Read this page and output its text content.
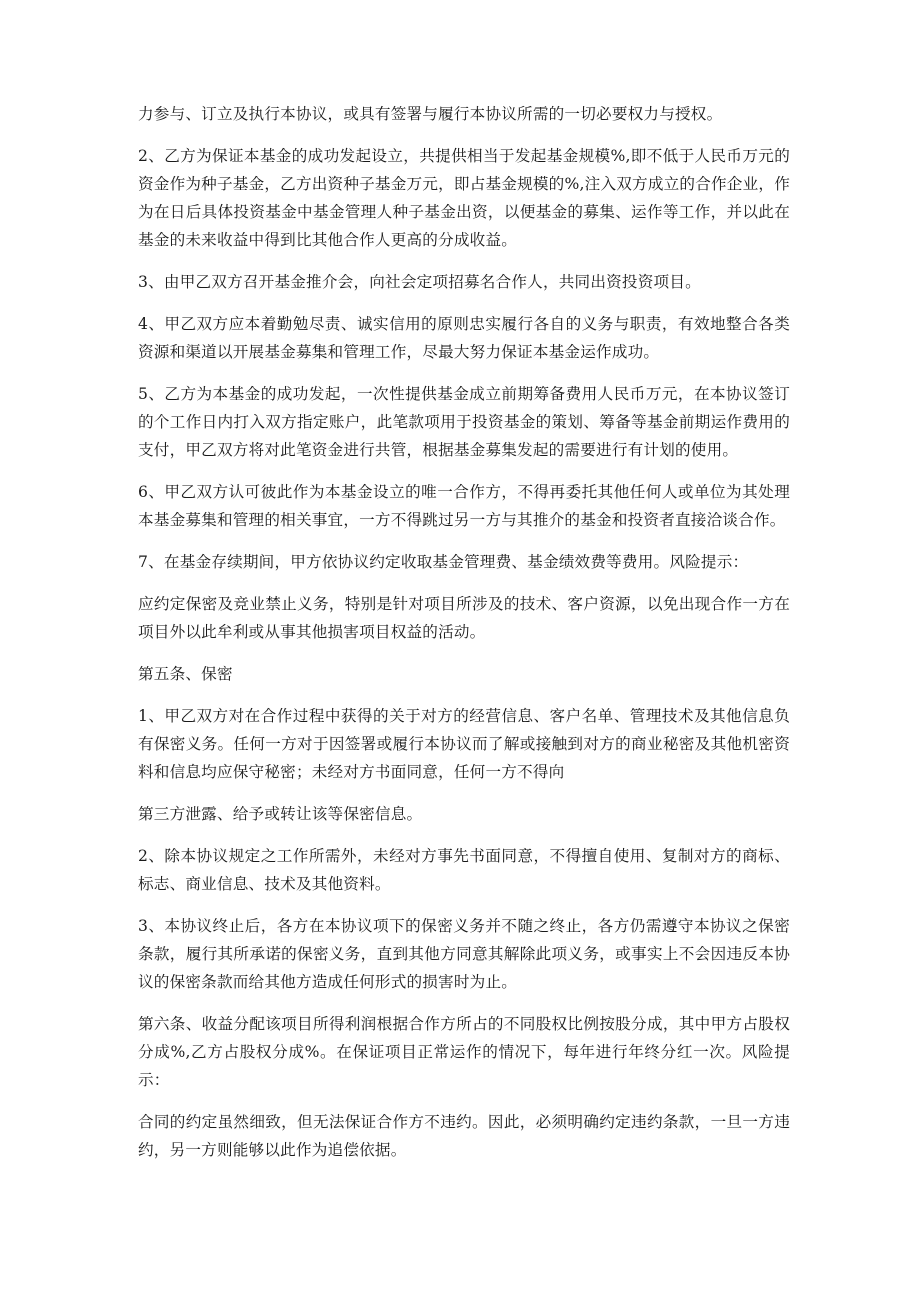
力参与、订立及执行本协议，或具有签署与履行本协议所需的一切必要权力与授权。

2、乙方为保证本基金的成功发起设立，共提供相当于发起基金规模%,即不低于人民币万元的资金作为种子基金，乙方出资种子基金万元，即占基金规模的%,注入双方成立的合作企业，作为在日后具体投资基金中基金管理人种子基金出资，以便基金的募集、运作等工作，并以此在基金的未来收益中得到比其他合作人更高的分成收益。

3、由甲乙双方召开基金推介会，向社会定项招募名合作人，共同出资投资项目。

4、甲乙双方应本着勤勉尽责、诚实信用的原则忠实履行各自的义务与职责，有效地整合各类资源和渠道以开展基金募集和管理工作，尽最大努力保证本基金运作成功。

5、乙方为本基金的成功发起，一次性提供基金成立前期筹备费用人民币万元，在本协议签订的个工作日内打入双方指定账户，此笔款项用于投资基金的策划、筹备等基金前期运作费用的支付，甲乙双方将对此笔资金进行共管，根据基金募集发起的需要进行有计划的使用。

6、甲乙双方认可彼此作为本基金设立的唯一合作方，不得再委托其他任何人或单位为其处理本基金募集和管理的相关事宜，一方不得跳过另一方与其推介的基金和投资者直接洽谈合作。

7、在基金存续期间，甲方依协议约定收取基金管理费、基金绩效费等费用。风险提示：

应约定保密及竞业禁止义务，特别是针对项目所涉及的技术、客户资源，以免出现合作一方在项目外以此牟利或从事其他损害项目权益的活动。

第五条、保密

1、甲乙双方对在合作过程中获得的关于对方的经营信息、客户名单、管理技术及其他信息负有保密义务。任何一方对于因签署或履行本协议而了解或接触到对方的商业秘密及其他机密资料和信息均应保守秘密；未经对方书面同意，任何一方不得向

第三方泄露、给予或转让该等保密信息。

2、除本协议规定之工作所需外，未经对方事先书面同意，不得擅自使用、复制对方的商标、标志、商业信息、技术及其他资料。

3、本协议终止后，各方在本协议项下的保密义务并不随之终止，各方仍需遵守本协议之保密条款，履行其所承诺的保密义务，直到其他方同意其解除此项义务，或事实上不会因违反本协议的保密条款而给其他方造成任何形式的损害时为止。

第六条、收益分配该项目所得利润根据合作方所占的不同股权比例按股分成，其中甲方占股权分成%,乙方占股权分成%。在保证项目正常运作的情况下，每年进行年终分红一次。风险提示：

合同的约定虽然细致，但无法保证合作方不违约。因此，必须明确约定违约条款，一旦一方违约，另一方则能够以此作为追偿依据。
